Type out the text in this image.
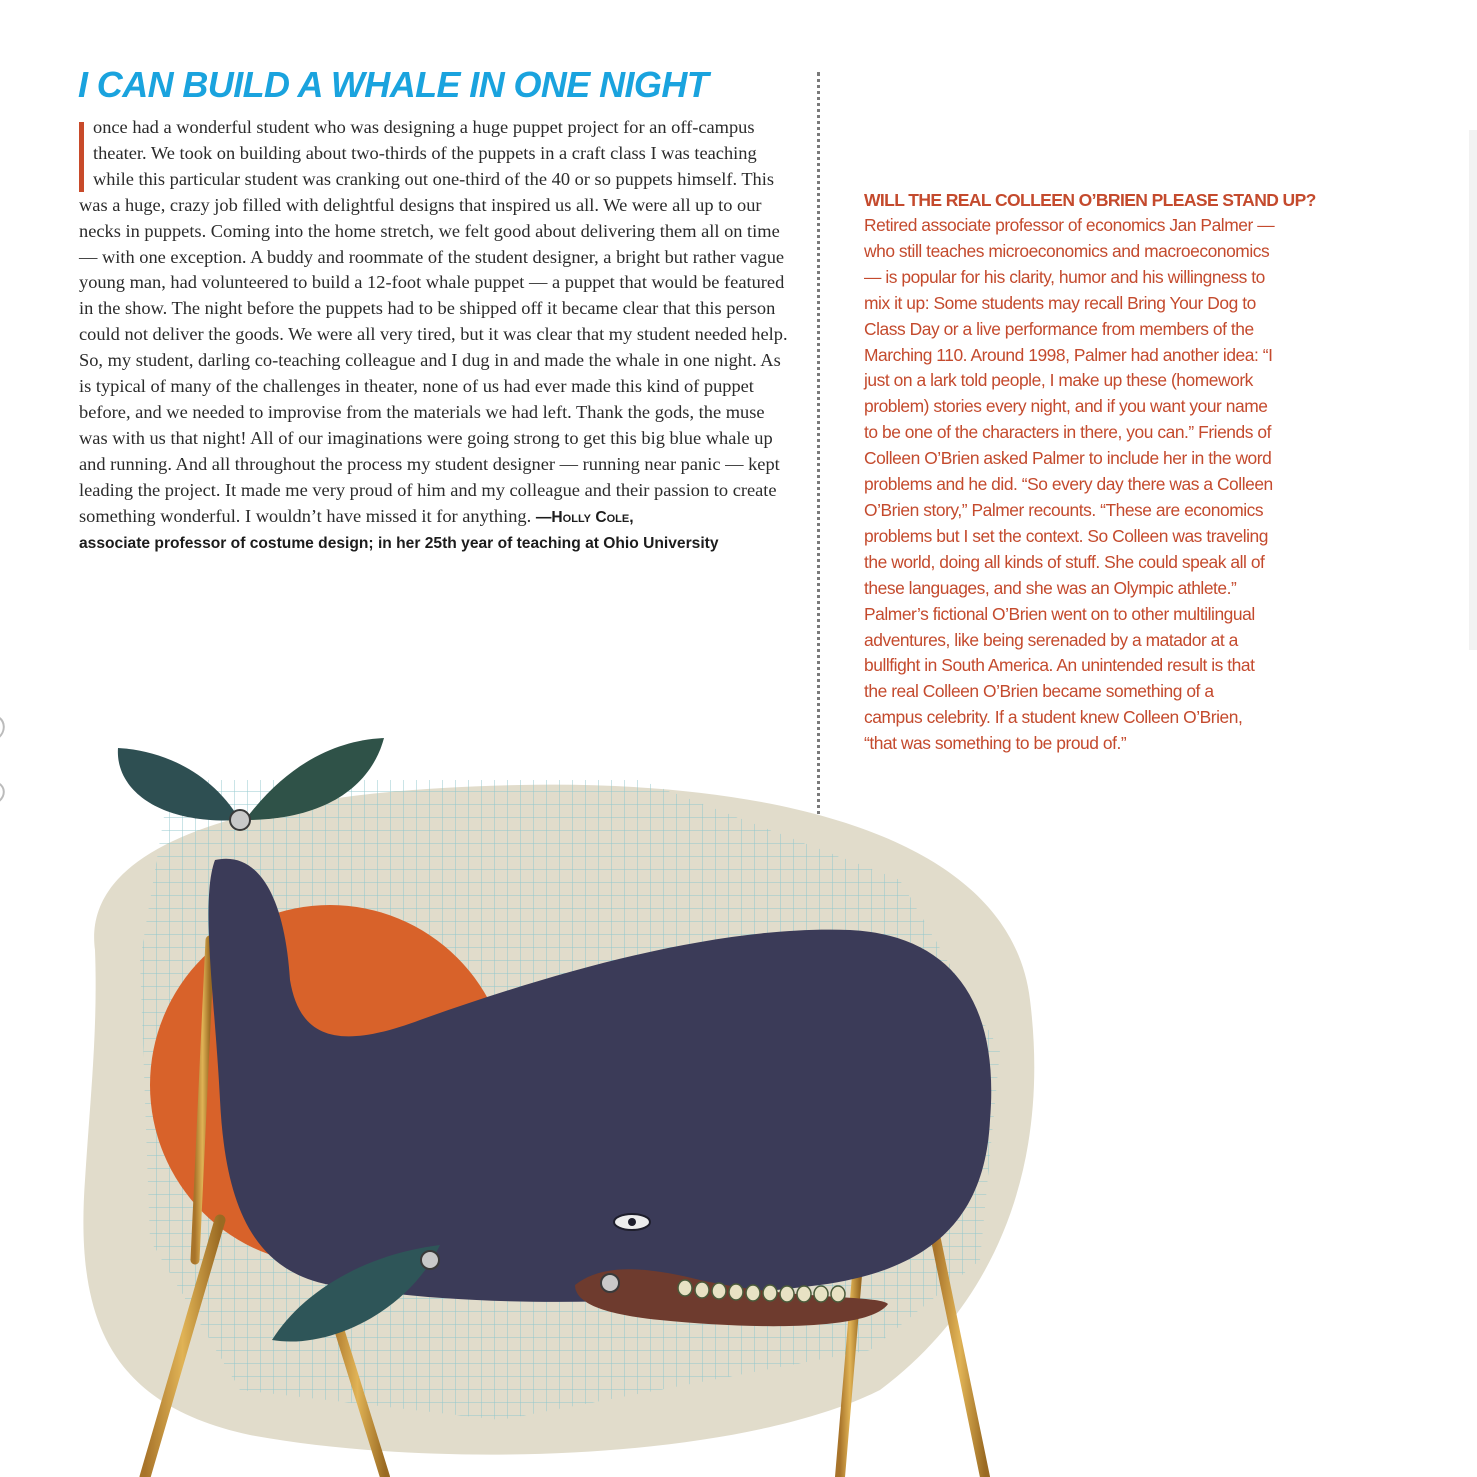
I CAN BUILD A WHALE IN ONE NIGHT

once had a wonderful student who was designing a huge puppet project for an off-campus theater. We took on building about two-thirds of the puppets in a craft class I was teaching while this particular student was cranking out one-third of the 40 or so puppets himself. This was a huge, crazy job filled with delightful designs that inspired us all. We were all up to our necks in puppets. Coming into the home stretch, we felt good about delivering them all on time — with one exception. A buddy and roommate of the student designer, a bright but rather vague young man, had volunteered to build a 12-foot whale puppet — a puppet that would be featured in the show. The night before the puppets had to be shipped off it became clear that this person could not deliver the goods. We were all very tired, but it was clear that my student needed help. So, my student, darling co-teaching colleague and I dug in and made the whale in one night. As is typical of many of the challenges in theater, none of us had ever made this kind of puppet before, and we needed to improvise from the materials we had left. Thank the gods, the muse was with us that night! All of our imaginations were going strong to get this big blue whale up and running. And all throughout the process my student designer — running near panic — kept leading the project. It made me very proud of him and my colleague and their passion to create something wonderful. I wouldn’t have missed it for anything. —Holly Cole,
associate professor of costume design; in her 25th year of teaching at Ohio University

WILL THE REAL COLLEEN O’BRIEN PLEASE STAND UP?

Retired associate professor of economics Jan Palmer — who still teaches microeconomics and macroeconomics — is popular for his clarity, humor and his willingness to mix it up: Some students may recall Bring Your Dog to Class Day or a live performance from members of the Marching 110. Around 1998, Palmer had another idea: “I just on a lark told people, I make up these (homework problem) stories every night, and if you want your name to be one of the characters in there, you can.” Friends of Colleen O’Brien asked Palmer to include her in the word problems and he did. “So every day there was a Colleen O’Brien story,” Palmer recounts. “These are economics problems but I set the context. So Colleen was traveling the world, doing all kinds of stuff. She could speak all of these languages, and she was an Olympic athlete.” Palmer’s fictional O’Brien went on to other multilingual adventures, like being serenaded by a matador at a bullfight in South America. An unintended result is that the real Colleen O’Brien became something of a campus celebrity. If a student knew Colleen O’Brien, “that was something to be proud of.”
